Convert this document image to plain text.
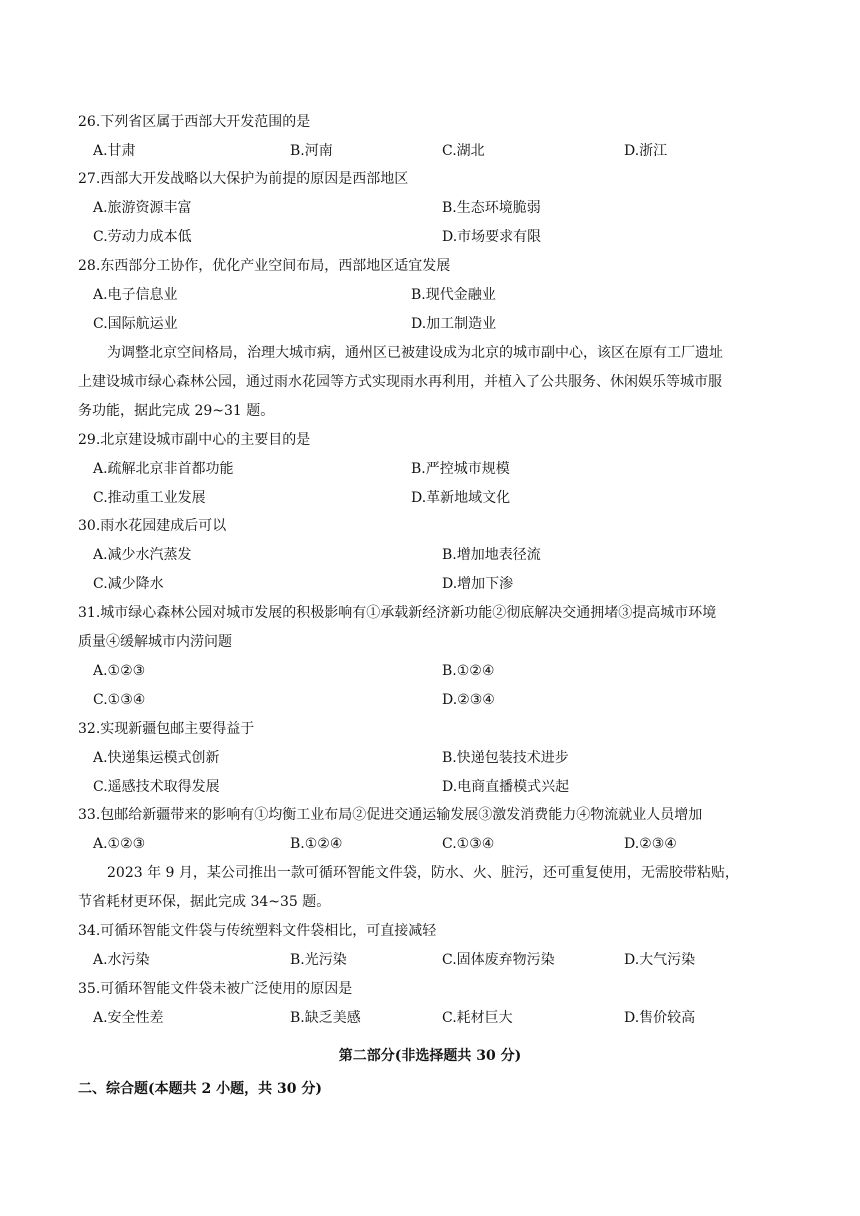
26.下列省区属于西部大开发范围的是
A.甘肃	B.河南	C.湖北	D.浙江
27.西部大开发战略以大保护为前提的原因是西部地区
A.旅游资源丰富	B.生态环境脆弱
C.劳动力成本低	D.市场要求有限
28.东西部分工协作，优化产业空间布局，西部地区适宜发展
A.电子信息业	B.现代金融业
C.国际航运业	D.加工制造业
为调整北京空间格局，治理大城市病，通州区已被建设成为北京的城市副中心，该区在原有工厂遗址
上建设城市绿心森林公园，通过雨水花园等方式实现雨水再利用，并植入了公共服务、休闲娱乐等城市服
务功能，据此完成 29~31 题。
29.北京建设城市副中心的主要目的是
A.疏解北京非首都功能	B.严控城市规模
C.推动重工业发展	D.革新地域文化
30.雨水花园建成后可以
A.减少水汽蒸发	B.增加地表径流
C.减少降水	D.增加下渗
31.城市绿心森林公园对城市发展的积极影响有①承载新经济新功能②彻底解决交通拥堵③提高城市环境
质量④缓解城市内涝问题
A.①②③	B.①②④
C.①③④	D.②③④
32.实现新疆包邮主要得益于
A.快递集运模式创新	B.快递包装技术进步
C.遥感技术取得发展	D.电商直播模式兴起
33.包邮给新疆带来的影响有①均衡工业布局②促进交通运输发展③激发消费能力④物流就业人员增加
A.①②③	B.①②④	C.①③④	D.②③④
2023 年 9 月，某公司推出一款可循环智能文件袋，防水、火、脏污，还可重复使用，无需胶带粘贴，
节省耗材更环保，据此完成 34~35 题。
34.可循环智能文件袋与传统塑料文件袋相比，可直接减轻
A.水污染	B.光污染	C.固体废弃物污染	D.大气污染
35.可循环智能文件袋未被广泛使用的原因是
A.安全性差	B.缺乏美感	C.耗材巨大	D.售价较高
第二部分(非选择题共 30 分)
二、综合题(本题共 2 小题，共 30 分)
